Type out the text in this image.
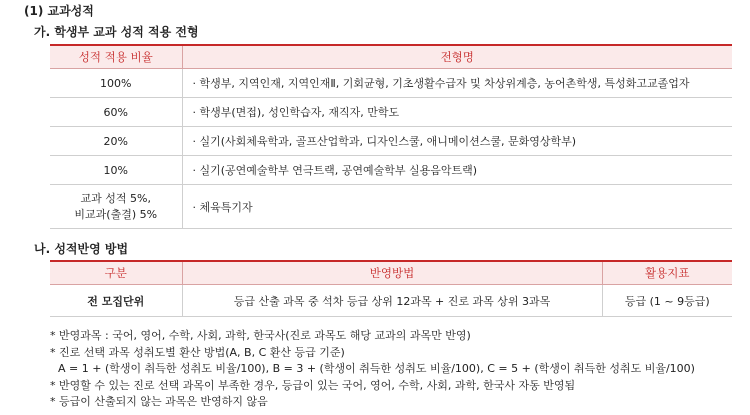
(1) 교과성적
가. 학생부 교과 성적 적용 전형
성적 적용 비율	전형명
100%	· 학생부, 지역인재, 지역인재Ⅱ, 기회균형, 기초생활수급자 및 차상위계층, 농어촌학생, 특성화고교졸업자
60%	· 학생부(면접), 성인학습자, 재직자, 만학도
20%	· 실기(사회체육학과, 골프산업학과, 디자인스쿨, 애니메이션스쿨, 문화영상학부)
10%	· 실기(공연예술학부 연극트랙, 공연예술학부 실용음악트랙)

교과 성적 5%,
비교과(출결) 5%	· 체육특기자
나. 성적반영 방법
구분	반영방법	활용지표
전 모집단위	등급 산출 과목 중 석차 등급 상위 12과목 + 진로 과목 상위 3과목	등급 (1 ~ 9등급)
* 반영과목 : 국어, 영어, 수학, 사회, 과학, 한국사(진로 과목도 해당 교과의 과목만 반영)
* 진로 선택 과목 성취도별 환산 방법(A, B, C 환산 등급 기준)
A = 1 + (학생이 취득한 성취도 비율/100), B = 3 + (학생이 취득한 성취도 비율/100), C = 5 + (학생이 취득한 성취도 비율/100)
* 반영할 수 있는 진로 선택 과목이 부족한 경우, 등급이 있는 국어, 영어, 수학, 사회, 과학, 한국사 자동 반영됨
* 등급이 산출되지 않는 과목은 반영하지 않음
